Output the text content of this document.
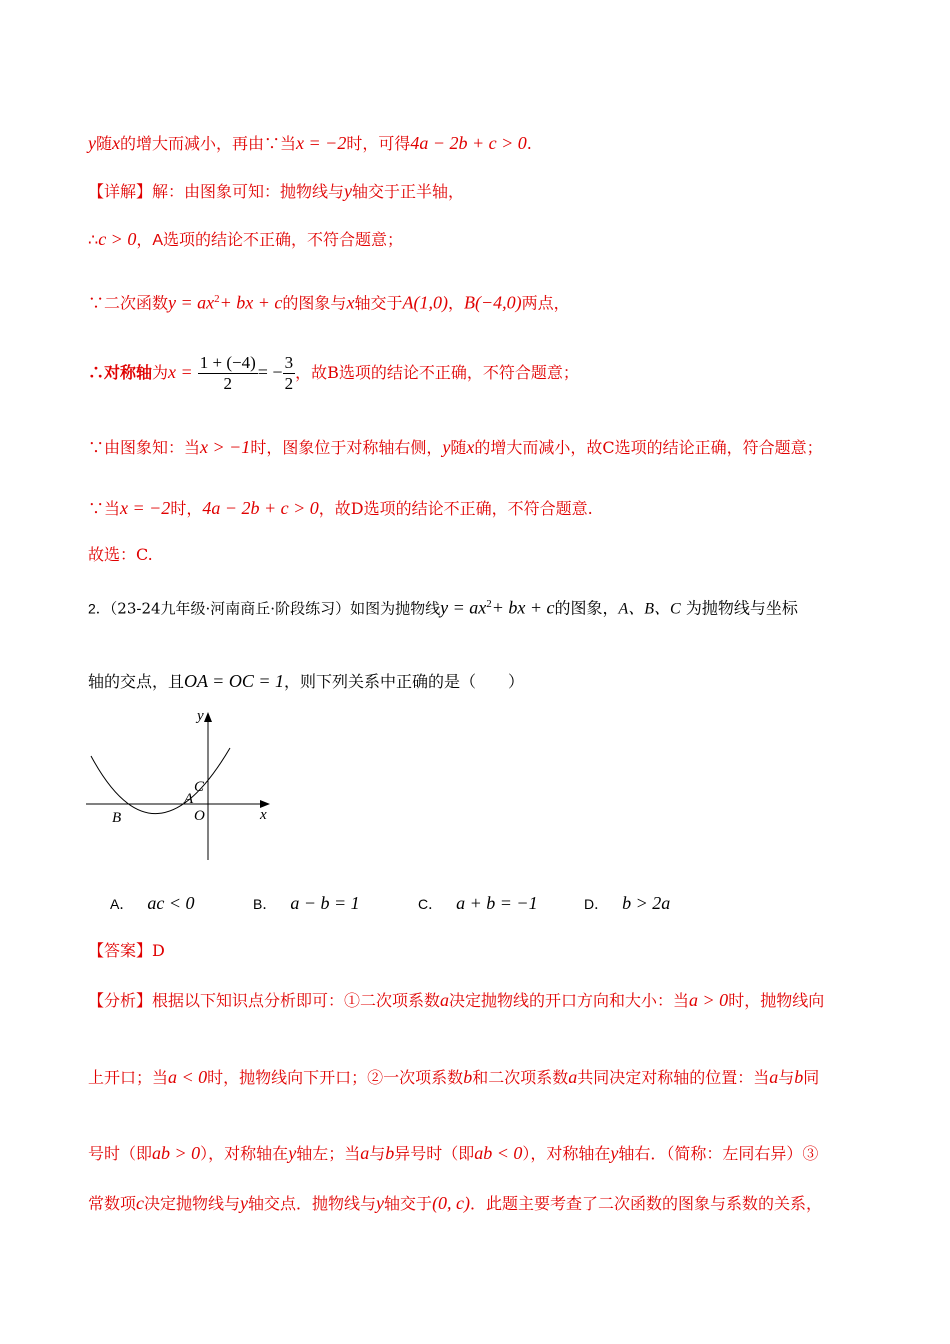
y随x的增大而减小，再由∵当x = −2时，可得4a − 2b + c > 0.
【详解】解：由图象可知：抛物线与y轴交于正半轴，
∴c > 0，A选项的结论不正确，不符合题意；
∵二次函数$y = ax^2+$ bx + c的图象与x轴交于A(1,0)，B(−4,0)两点，
∴对称轴为$x = \frac{1 + (-4)}{2}$ = − $\frac{3}{2}$ ，故B选项的结论不正确，不符合题意；
∵由图象知：当x > −1时，图象位于对称轴右侧，y随x的增大而减小，故C选项的结论正确，符合题意；
∵当x = −2时，4a − 2b + c > 0，故D选项的结论不正确，不符合题意.
故选：C.
2．（23-24九年级·河南商丘·阶段练习）如图为抛物线$y = ax^2+$ bx + c的图象，A、B、C 为抛物线与坐标
轴的交点，且OA = OC = 1，则下列关系中正确的是（　　）
y
x
C
A
O
B
A． ac < 0	B． a − b = 1	C． a + b = −1	D． b > 2a
【答案】D
【分析】根据以下知识点分析即可：①二次项系数a决定抛物线的开口方向和大小：当a > 0时，抛物线向
上开口；当a < 0时，抛物线向下开口；②一次项系数b和二次项系数a共同决定对称轴的位置：当a与b同
号时（即ab > 0），对称轴在y轴左；当a与b异号时（即ab < 0），对称轴在y轴右．（简称：左同右异）③
常数项c决定抛物线与y轴交点．抛物线与y轴交于(0, c)．此题主要考查了二次函数的图象与系数的关系，
